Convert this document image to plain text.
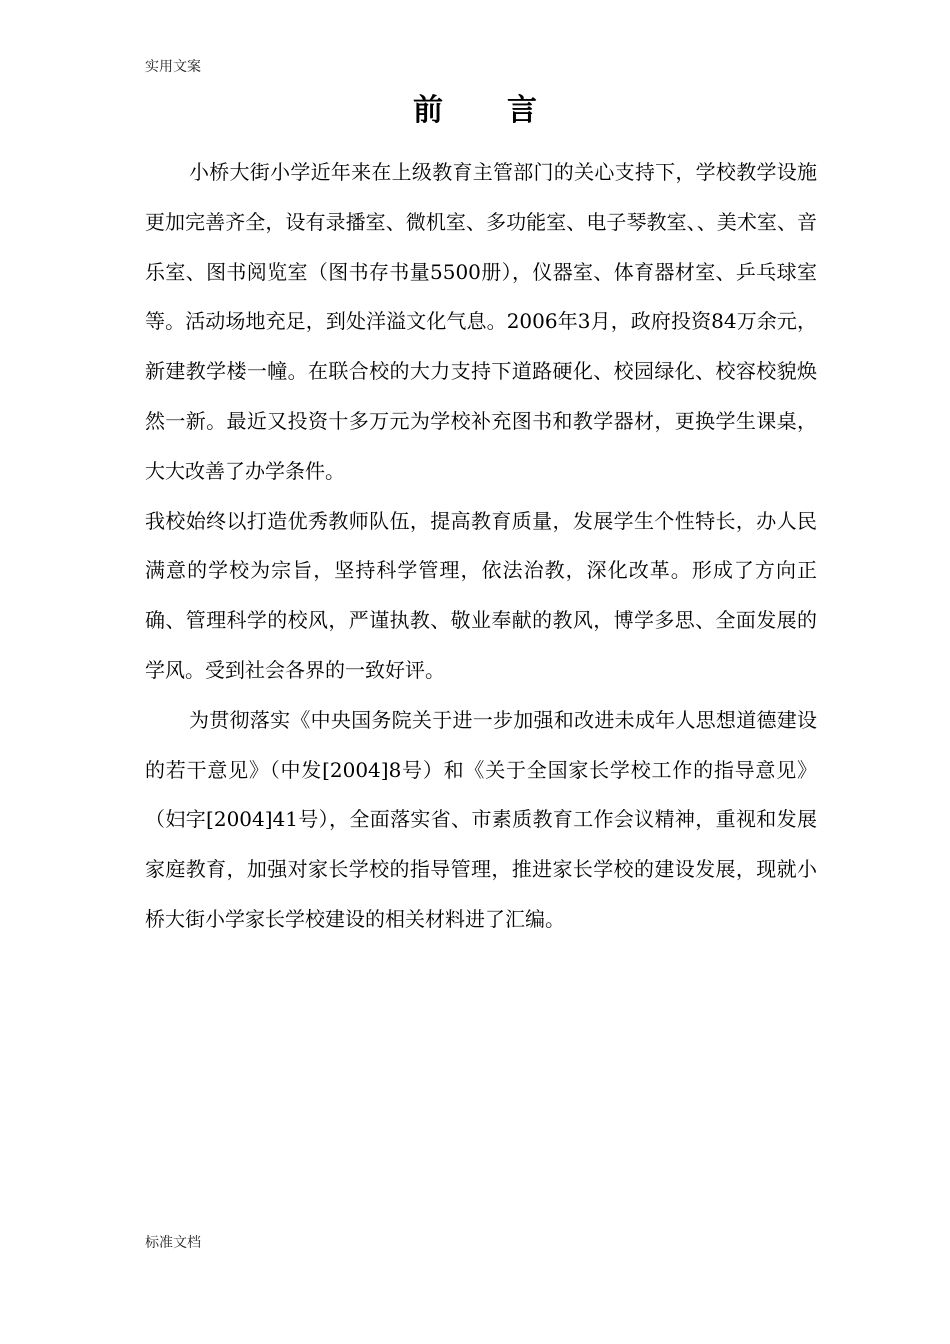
实用文案
前言

小桥大街小学近年来在上级教育主管部门的关心支持下，学校教学设施更加完善齐全，设有录播室、微机室、多功能室、电子琴教室、、美术室、音乐室、图书阅览室（图书存书量5500册），仪器室、体育器材室、乒乓球室等。活动场地充足，到处洋溢文化气息。2006年3月，政府投资84万余元，新建教学楼一幢。在联合校的大力支持下道路硬化、校园绿化、校容校貌焕然一新。最近又投资十多万元为学校补充图书和教学器材，更换学生课桌，大大改善了办学条件。

我校始终以打造优秀教师队伍，提高教育质量，发展学生个性特长，办人民满意的学校为宗旨，坚持科学管理，依法治教，深化改革。形成了方向正确、管理科学的校风，严谨执教、敬业奉献的教风，博学多思、全面发展的学风。受到社会各界的一致好评。

为贯彻落实《中央国务院关于进一步加强和改进未成年人思想道德建设的若干意见》（中发[2004]8号）和《关于全国家长学校工作的指导意见》（妇字[2004]41号），全面落实省、市素质教育工作会议精神，重视和发展家庭教育，加强对家长学校的指导管理，推进家长学校的建设发展，现就小桥大街小学家长学校建设的相关材料进了汇编。

标准文档
